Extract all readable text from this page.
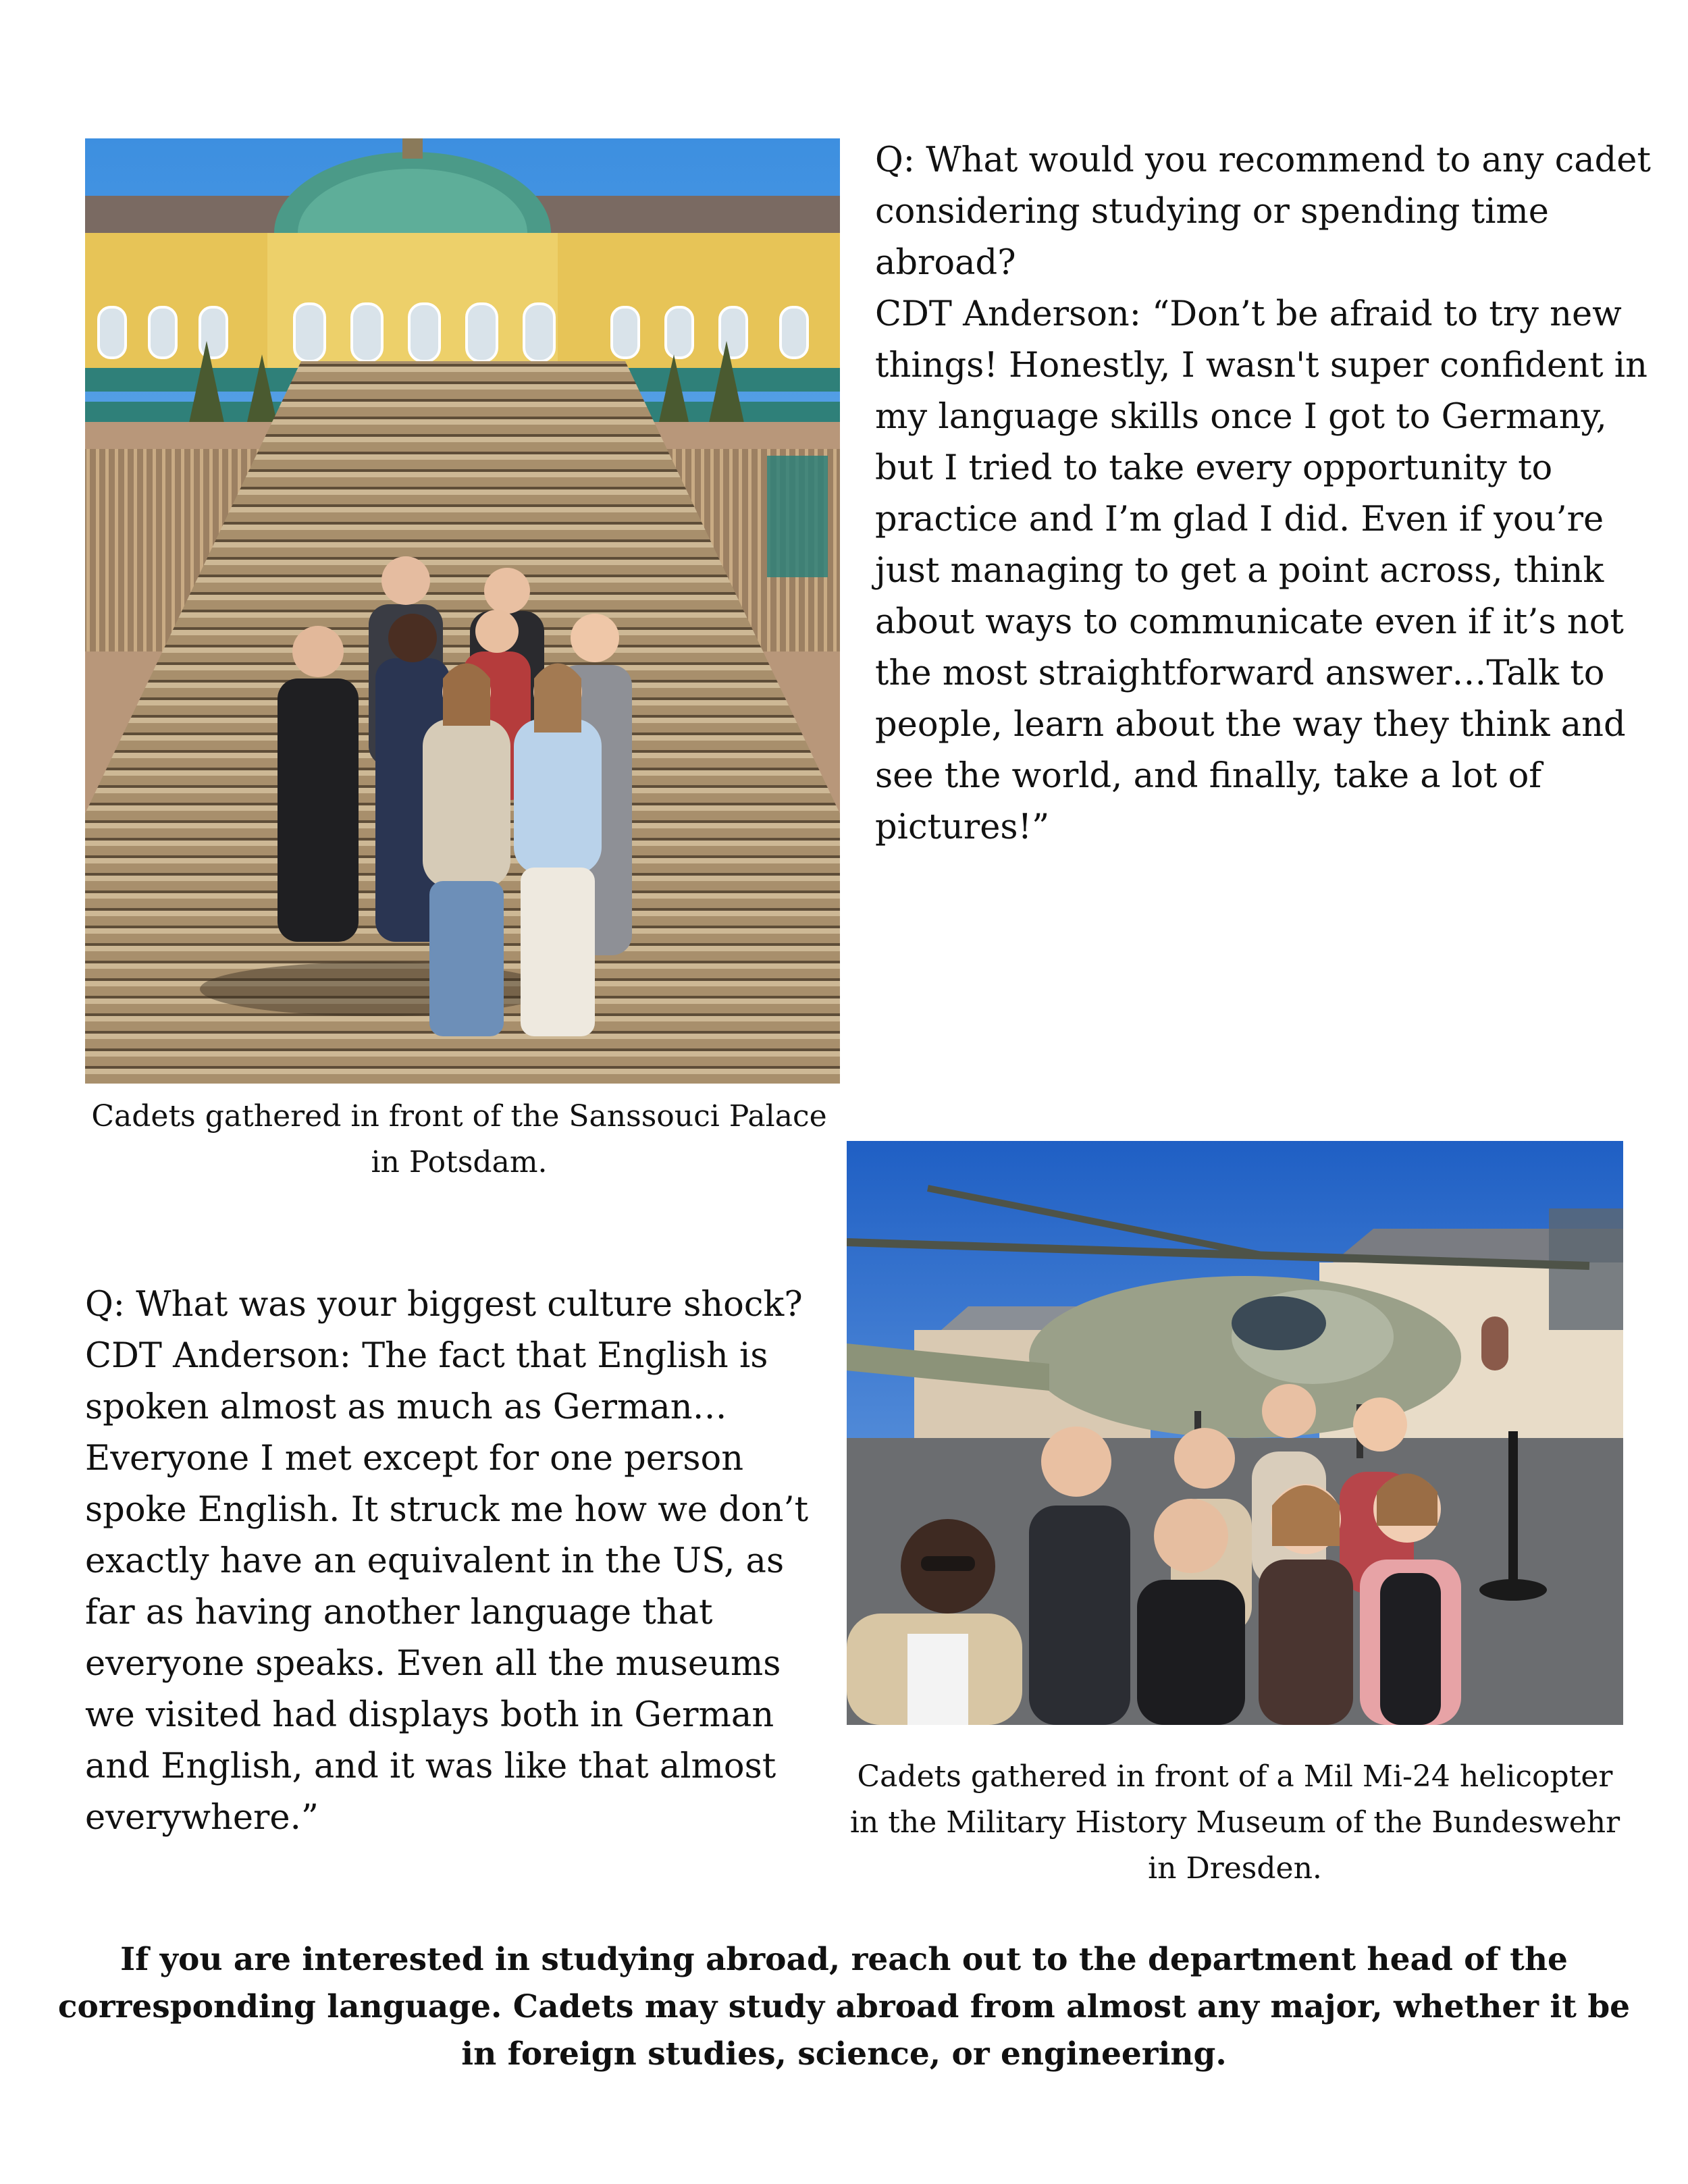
Cadets gathered in front of the Sanssouci Palace in Potsdam.

Q: What would you recommend to any cadet considering studying or spending time abroad?

CDT Anderson: “Don’t be afraid to try new things! Honestly, I wasn't super confident in my language skills once I got to Germany, but I tried to take every opportunity to practice and I’m glad I did. Even if you’re just managing to get a point across, think about ways to communicate even if it’s not the most straightforward answer…Talk to people, learn about the way they think and see the world, and finally, take a lot of pictures!”

Q: What was your biggest culture shock?

CDT Anderson: The fact that English is spoken almost as much as German… Everyone I met except for one person spoke English. It struck me how we don’t exactly have an equivalent in the US, as far as having another language that everyone speaks. Even all the museums we visited had displays both in German and English, and it was like that almost everywhere.”

Cadets gathered in front of a Mil Mi-24 helicopter in the Military History Museum of the Bundeswehr in Dresden.
If you are interested in studying abroad, reach out to the department head of the corresponding language. Cadets may study abroad from almost any major, whether it be in foreign studies, science, or engineering.
